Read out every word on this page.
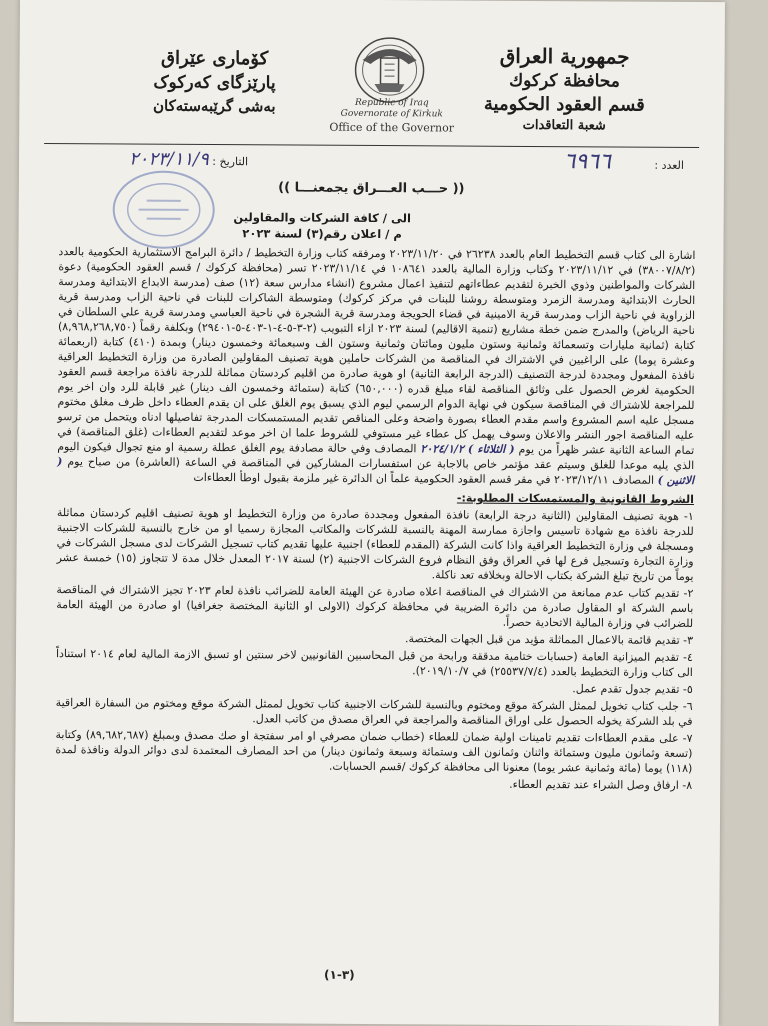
جمهورية العراق
محافظة كركوك
قسم العقود الحكومية
شعبة التعاقدات
كۆماری عێراق
پارێزگای کەرکوک
بەشی گرێبەستەکان	Republic of Iraq
Governorate of Kirkuk
Office of the Governor
العدد : ٦٩٦٦
التاريخ : ٢٠٢٣/١١/٩
(( حـــب العـــراق يجمعنـــا ))
الى / كافة الشركات والمقاولين
م / اعلان رقم(٣) لسنة ٢٠٢٣
اشارة الى كتاب قسم التخطيط العام بالعدد ٢٦٢٣٨ في ٢٠٢٣/١١/٢٠ ومرفقه كتاب وزارة التخطيط / دائرة البرامج الاستثمارية الحكومية بالعدد (٣٨٠٠٧/٨/٢) في ٢٠٢٣/١١/١٢ وكتاب وزارة المالية بالعدد ١٠٨٦٤١ في ٢٠٢٣/١١/١٤ تسر (محافظة كركوك / قسم العقود الحكومية) دعوة الشركات والمواطنين وذوي الخبرة لتقديم عطاءاتهم لتنفيذ اعمال مشروع (انشاء مدارس سعة (١٢) صف (مدرسة الابداع الابتدائية ومدرسة الحارث الابتدائية ومدرسة الزمرد ومتوسطة روشنا للبنات في مركز كركوك) ومتوسطة الشاكرات للبنات في ناحية الزاب ومدرسة قرية الزراوية في ناحية الزاب ومدرسة قرية الامينية في قضاء الحويجة ومدرسة قرية الشجرة في ناحية العباسي ومدرسة قرية علي السلطان في ناحية الرياض) والمدرج ضمن خطة مشاريع (تنمية الاقاليم) لسنة ٢٠٢٣ ازاء التبويب (٢-٣-٥-٤-١-٤٠٣-٥-٢٩٤٠١) وبكلفة رقماً (٨,٩٦٨,٢٦٨,٧٥٠) كتابة (ثمانية مليارات وتسعمائة وثمانية وستون مليون ومائتان وثمانية وستون الف وسبعمائة وخمسون دينار) وبمدة (٤١٠) كتابة (اربعمائة وعشرة يوما) على الراغبين في الاشتراك في المناقصة من الشركات حاملين هوية تصنيف المقاولين الصادرة من وزارة التخطيط العراقية نافذة المفعول ومجددة لدرجة التصنيف (الدرجة الرابعة الثانية) او هوية صادرة من اقليم كردستان مماثلة للدرجة نافذة مراجعة قسم العقود الحكومية لغرض الحصول على وثائق المناقصة لقاء مبلغ قدره (٦٥٠,٠٠٠) كتابة (ستمائة وخمسون الف دينار) غير قابلة للرد وان اخر يوم للمراجعة للاشتراك في المناقصة سيكون في نهاية الدوام الرسمي ليوم الذي يسبق يوم الغلق على ان يقدم العطاء داخل ظرف مغلق مختوم مسجل عليه اسم المشروع واسم مقدم العطاء بصورة واضحة وعلى المناقص تقديم المستمسكات المدرجة تفاصيلها ادناه ويتحمل من ترسو عليه المناقصة اجور النشر والاعلان وسوف يهمل كل عطاء غير مستوفي للشروط علما ان اخر موعد لتقديم العطاءات (غلق المناقصة) في تمام الساعة الثانية عشر ظهراً من يوم ( الثلاثاء ) ٢٠٢٤/١/٢ المصادف وفي حالة مصادفة يوم الغلق عطلة رسمية او منع تجوال فيكون اليوم الذي يليه موعدا للغلق وسيتم عقد مؤتمر خاص بالاجابة عن استفسارات المشاركين في المناقصة في الساعة (العاشرة) من صباح يوم ( الاثنين ) المصادف ٢٠٢٣/١٢/١١ في مقر قسم العقود الحكومية علماً ان الدائرة غير ملزمة بقبول اوطأ العطاءات
الشروط القانونية والمستمسكات المطلوبة:-
١- هوية تصنيف المقاولين (الثانية درجة الرابعة) نافذة المفعول ومجددة صادرة من وزارة التخطيط او هوية تصنيف اقليم كردستان مماثلة للدرجة نافذة مع شهادة تاسيس واجازة ممارسة المهنة بالنسبة للشركات والمكاتب المجازة رسميا او من خارج بالنسبة للشركات الاجنبية ومسجلة في وزارة التخطيط العراقية واذا كانت الشركة (المقدم للعطاء) اجنبية عليها تقديم كتاب تسجيل الشركات لدى مسجل الشركات في وزارة التجارة وتسجيل فرع لها في العراق وفق النظام فروع الشركات الاجنبية (٢) لسنة ٢٠١٧ المعدل خلال مدة لا تتجاوز (١٥) خمسة عشر يوماً من تاريخ تبلغ الشركة بكتاب الاحالة وبخلافه تعد ناكلة.
٢- تقديم كتاب عدم ممانعة من الاشتراك في المناقصة اعلاه صادرة عن الهيئة العامة للضرائب نافذة لعام ٢٠٢٣ تجيز الاشتراك في المناقصة باسم الشركة او المقاول صادرة من دائرة الضريبة في محافظة كركوك (الاولى او الثانية المختصة جغرافيا) او صادرة من الهيئة العامة للضرائب في وزارة المالية الاتحادية حصراً.
٣- تقديم قائمة بالاعمال المماثلة مؤيد من قبل الجهات المختصة.
٤- تقديم الميزانية العامة (حسابات ختامية مدققة ورابحة من قبل المحاسبين القانونيين لاخر سنتين او تسبق الازمة المالية لعام ٢٠١٤ استناداً الى كتاب وزارة التخطيط بالعدد (٢٥٥٣٧/٧/٤) في ٢٠١٩/١٠/٧).
٥- تقديم جدول تقدم عمل.
٦- جلب كتاب تخويل لممثل الشركة موقع ومختوم وبالنسبة للشركات الاجنبية كتاب تخويل لممثل الشركة موقع ومختوم من السفارة العراقية في بلد الشركة يخوله الحصول على اوراق المناقصة والمراجعة في العراق مصدق من كاتب العدل.
٧- على مقدم العطاءات تقديم تامينات اولية ضمان للعطاء (خطاب ضمان مصرفي او امر سفتجة او صك مصدق وبمبلغ (٨٩,٦٨٢,٦٨٧) وكتابة (تسعة وثمانون مليون وستمائة واثنان وثمانون الف وستمائة وسبعة وثمانون دينار) من احد المصارف المعتمدة لدى دوائر الدولة ونافذة لمدة (١١٨) يوما (مائة وثمانية عشر يوما) معنونا الى محافظة كركوك /قسم الحسابات.
٨- ارفاق وصل الشراء عند تقديم العطاء.
(٣-١)
